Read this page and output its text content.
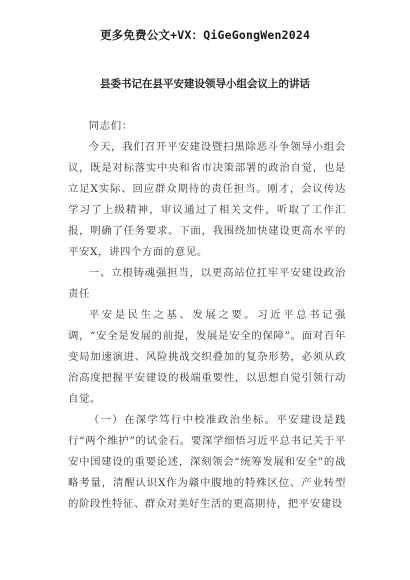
更多免费公文+VX：QiGeGongWen2024
县委书记在县平安建设领导小组会议上的讲话

同志们：

今天，我们召开平安建设暨扫黑除恶斗争领导小组会议，既是对标落实中央和省市决策部署的政治自觉，也是立足X实际、回应群众期待的责任担当。刚才，会议传达学习了上级精神，审议通过了相关文件，听取了工作汇报，明确了任务要求。下面，我围绕加快建设更高水平的平安X，讲四个方面的意见。

一、立根铸魂强担当，以更高站位扛牢平安建设政治责任

平安是民生之基、发展之要。习近平总书记强调，“安全是发展的前提，发展是安全的保障”。面对百年变局加速演进、风险挑战交织叠加的复杂形势，必须从政治高度把握平安建设的极端重要性，以思想自觉引领行动自觉。

（一）在深学笃行中校准政治坐标。平安建设是践行“两个维护”的试金石。要深学细悟习近平总书记关于平安中国建设的重要论述，深刻领会“统筹发展和安全”的战略考量，清醒认识X作为赣中腹地的特殊区位、产业转型的阶段性特征、群众对美好生活的更高期待，把平安建设
